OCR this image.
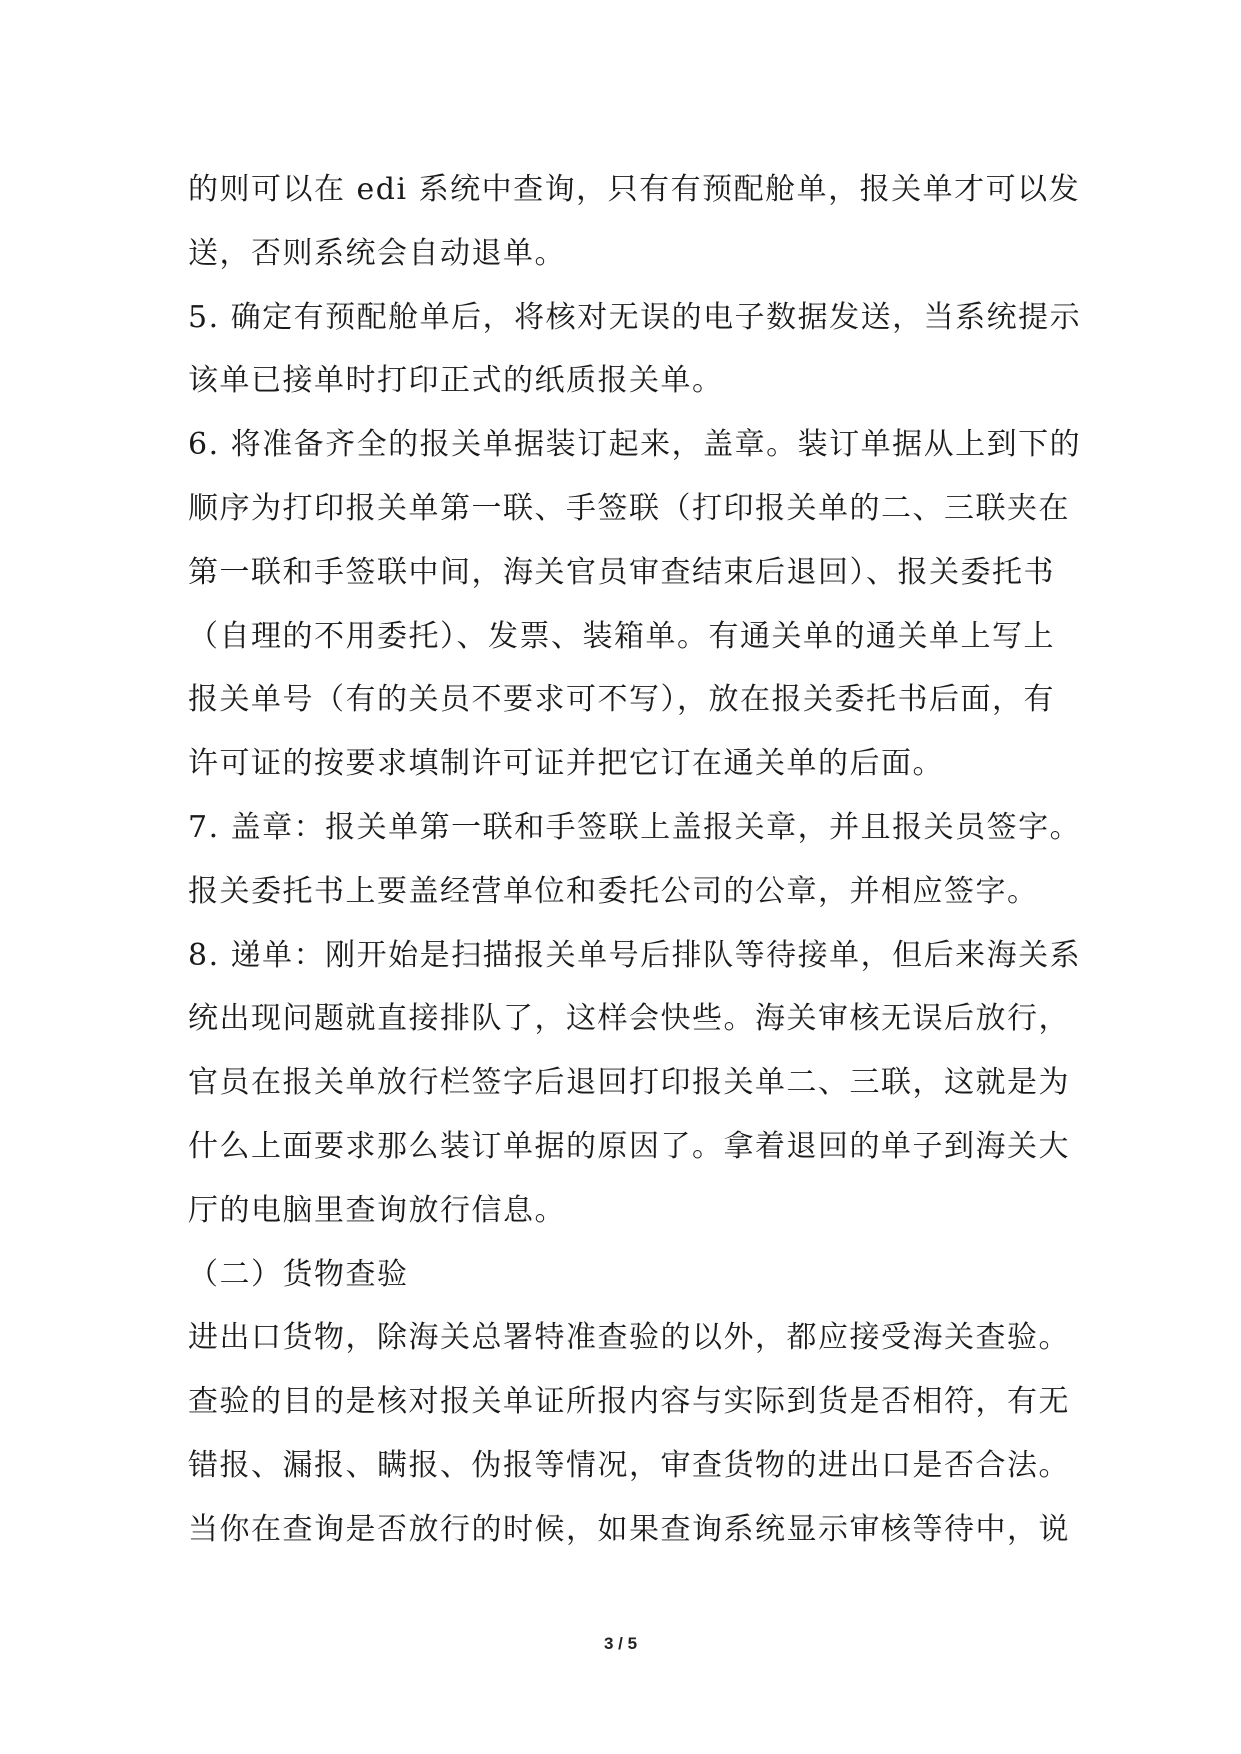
的则可以在 edi 系统中查询，只有有预配舱单，报关单才可以发
送，否则系统会自动退单。
5. 确定有预配舱单后，将核对无误的电子数据发送，当系统提示
该单已接单时打印正式的纸质报关单。
6. 将准备齐全的报关单据装订起来，盖章。装订单据从上到下的
顺序为打印报关单第一联、手签联（打印报关单的二、三联夹在
第一联和手签联中间，海关官员审查结束后退回）、报关委托书
（自理的不用委托）、发票、装箱单。有通关单的通关单上写上
报关单号（有的关员不要求可不写），放在报关委托书后面，有
许可证的按要求填制许可证并把它订在通关单的后面。
7. 盖章：报关单第一联和手签联上盖报关章，并且报关员签字。
报关委托书上要盖经营单位和委托公司的公章，并相应签字。
8. 递单：刚开始是扫描报关单号后排队等待接单，但后来海关系
统出现问题就直接排队了，这样会快些。海关审核无误后放行，
官员在报关单放行栏签字后退回打印报关单二、三联，这就是为
什么上面要求那么装订单据的原因了。拿着退回的单子到海关大
厅的电脑里查询放行信息。
（二）货物查验
进出口货物，除海关总署特准查验的以外，都应接受海关查验。
查验的目的是核对报关单证所报内容与实际到货是否相符，有无
错报、漏报、瞒报、伪报等情况，审查货物的进出口是否合法。
当你在查询是否放行的时候，如果查询系统显示审核等待中，说
3 / 5
